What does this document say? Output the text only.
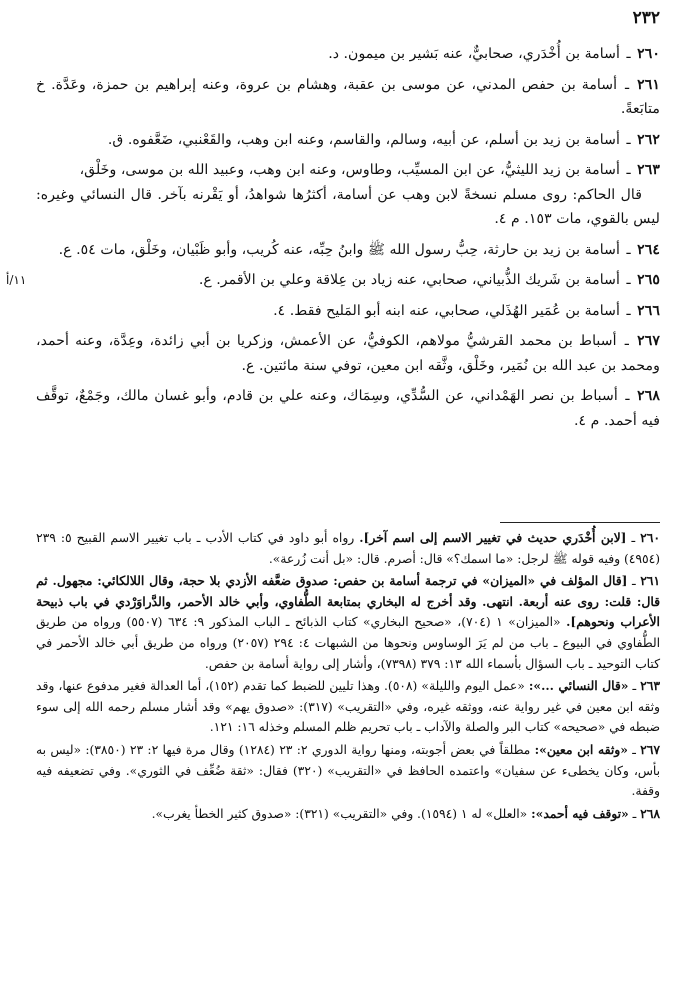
٢٣٢

٢٦٠ ـ أسامة بن أُخْدَري، صحابيٌّ، عنه بَشير بن ميمون. د.

٢٦١ ـ أسامة بن حفص المدني، عن موسى بن عقبة، وهشام بن عروة، وعنه إبراهيم بن حمزة، وعَدَّة. خ متابَعةً.

٢٦٢ ـ أسامة بن زيد بن أسلم، عن أبيه، وسالم، والقاسم، وعنه ابن وهب، والقَعْنبي، ضَعَّفوه. ق.

٢٦٣ ـ أسامة بن زيد الليثيُّ، عن ابن المسيِّب، وطاوس، وعنه ابن وهب، وعبيد الله بن موسى، وخَلْق،
قال الحاكم: روى مسلم نسخةً لابن وهب عن أسامة، أكثرُها شواهدُ، أو يَقْرنه بآخر. قال النسائي وغيره: ليس بالقوي، مات ١٥٣. م ٤.

٢٦٤ ـ أسامة بن زيد بن حارثة، حِبُّ رسول الله ﷺ وابنُ حِبِّه، عنه كُريب، وأبو ظَبْيان، وخَلْق، مات ٥٤. ع.

١١/أ	٢٦٥ ـ أسامة بن شَريك الذُّبياني، صحابي، عنه زياد بن عِلاقة وعلي بن الأقمر. ع.

٢٦٦ ـ أسامة بن عُمَير الهُذَلي، صحابي، عنه ابنه أبو المَليح فقط. ٤.

٢٦٧ ـ أسباط بن محمد القرشيُّ مولاهم، الكوفيُّ، عن الأعمش، وزكريا بن أبي زائدة، وعِدَّة، وعنه أحمد، ومحمد بن عبد الله بن نُمَير، وخَلْق، وثَّقه ابن معين، توفي سنة مائتين. ع.

٢٦٨ ـ أسباط بن نصر الهَمْداني، عن السُّدِّي، وسِمَاك، وعنه علي بن قادم، وأبو غسان مالك، وجَمْعٌ، توقَّف فيه أحمد. م ٤.

٢٦٠ ـ [لابن أُخْدَري حديث في تغيير الاسم إلى اسم آخر]. رواه أبو داود في كتاب الأدب ـ باب تغيير الاسم القبيح ٥: ٢٣٩ (٤٩٥٤) وفيه قوله ﷺ لرجل: «ما اسمك؟» قال: أصرم. قال: «بل أنت زُرعة».

٢٦١ ـ [قال المؤلف في «الميزان» في ترجمة أسامة بن حفص: صدوق ضعَّفه الأزدي بلا حجة، وقال اللالكائي: مجهول. ثم قال: قلت: روى عنه أربعة. انتهى. وقد أخرج له البخاري بمتابعة الطُّفاوي، وأبي خالد الأحمر، والدَّراوَرْدي في باب ذبيحة الأعراب ونحوهم]. «الميزان» ١ (٧٠٤)، «صحيح البخاري» كتاب الذبائح ـ الباب المذكور ٩: ٦٣٤ (٥٥٠٧) ورواه من طريق الطُّفاوي في البيوع ـ باب من لم يَرَ الوساوس ونحوها من الشبهات ٤: ٢٩٤ (٢٠٥٧) ورواه من طريق أبي خالد الأحمر في كتاب التوحيد ـ باب السؤال بأسماء الله ١٣: ٣٧٩ (٧٣٩٨)، وأشار إلى رواية أسامة بن حفص.

٢٦٣ ـ «قال النسائي ...»: «عمل اليوم والليلة» (٥٠٨). وهذا تليين للضبط كما تقدم (١٥٢)، أما العدالة فغير مدفوع عنها، وقد وثقه ابن معين في غير رواية عنه، ووثقه غيره، وفي «التقريب» (٣١٧): «صدوق يهم» وقد أشار مسلم رحمه الله إلى سوء ضبطه في «صحيحه» كتاب البر والصلة والآداب ـ باب تحريم ظلم المسلم وخذله ١٦: ١٢١.

٢٦٧ ـ «وثقه ابن معين»: مطلقاً في بعض أجوبته، ومنها رواية الدوري ٢: ٢٣ (١٢٨٤) وقال مرة فيها ٢: ٢٣ (٣٨٥٠): «ليس به بأس، وكان يخطىء عن سفيان» واعتمده الحافظ في «التقريب» (٣٢٠) فقال: «ثقة ضُعِّف في الثوري». وفي تضعيفه فيه وقفة.

٢٦٨ ـ «توقف فيه أحمد»: «العلل» له ١ (١٥٩٤). وفي «التقريب» (٣٢١): «صدوق كثير الخطأ يغرب».
